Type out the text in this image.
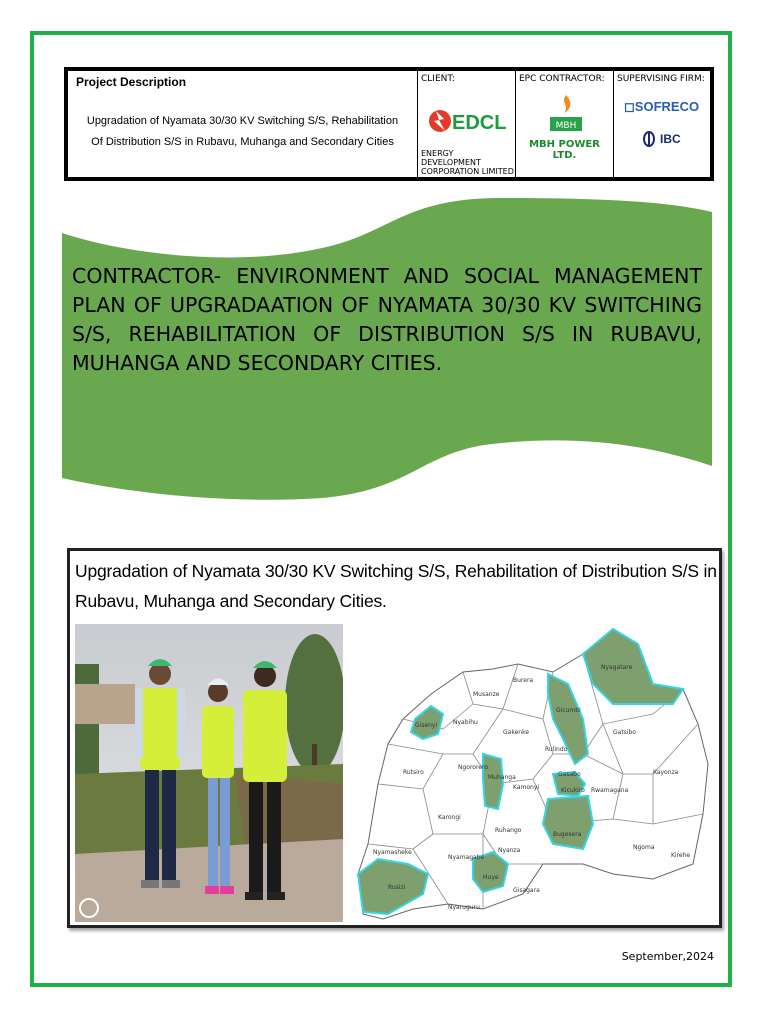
Project Description
Upgradation of Nyamata 30/30 KV Switching S/S, Rehabilitation
Of Distribution S/S in Rubavu, Muhanga and Secondary Cities
CLIENT:
EDCL
ENERGY DEVELOPMENT
CORPORATION LIMITED
EPC CONTRACTOR:
MBH
MBH POWER LTD.
SUPERVISING FIRM:
◻SOFRECO
IBC
CONTRACTOR- ENVIRONMENT AND SOCIAL MANAGEMENT PLAN OF UPGRADAATION OF NYAMATA 30/30 KV SWITCHING S/S, REHABILITATION OF DISTRIBUTION S/S IN RUBAVU, MUHANGA AND SECONDARY CITIES.
Upgradation of Nyamata 30/30 KV Switching S/S, Rehabilitation of Distribution S/S in Rubavu, Muhanga and Secondary Cities.
Nyagatare
Burera
Musanze
Gicumbi
Gatsibo
Gisenyi	Nyabihu
Gakenke
Rulindo
Rutsiro
Ngororero
Muhanga
Kamonyi
Gasabo
Kicukiro Rwamagana
Kayonza
Karongi
Ruhango
Bugesera
Ngoma
Kirehe
Nyamasheke
Nyamagabe
Nyanza
Rusizi
Huye
Gisagara
Nyaruguru
September,2024
